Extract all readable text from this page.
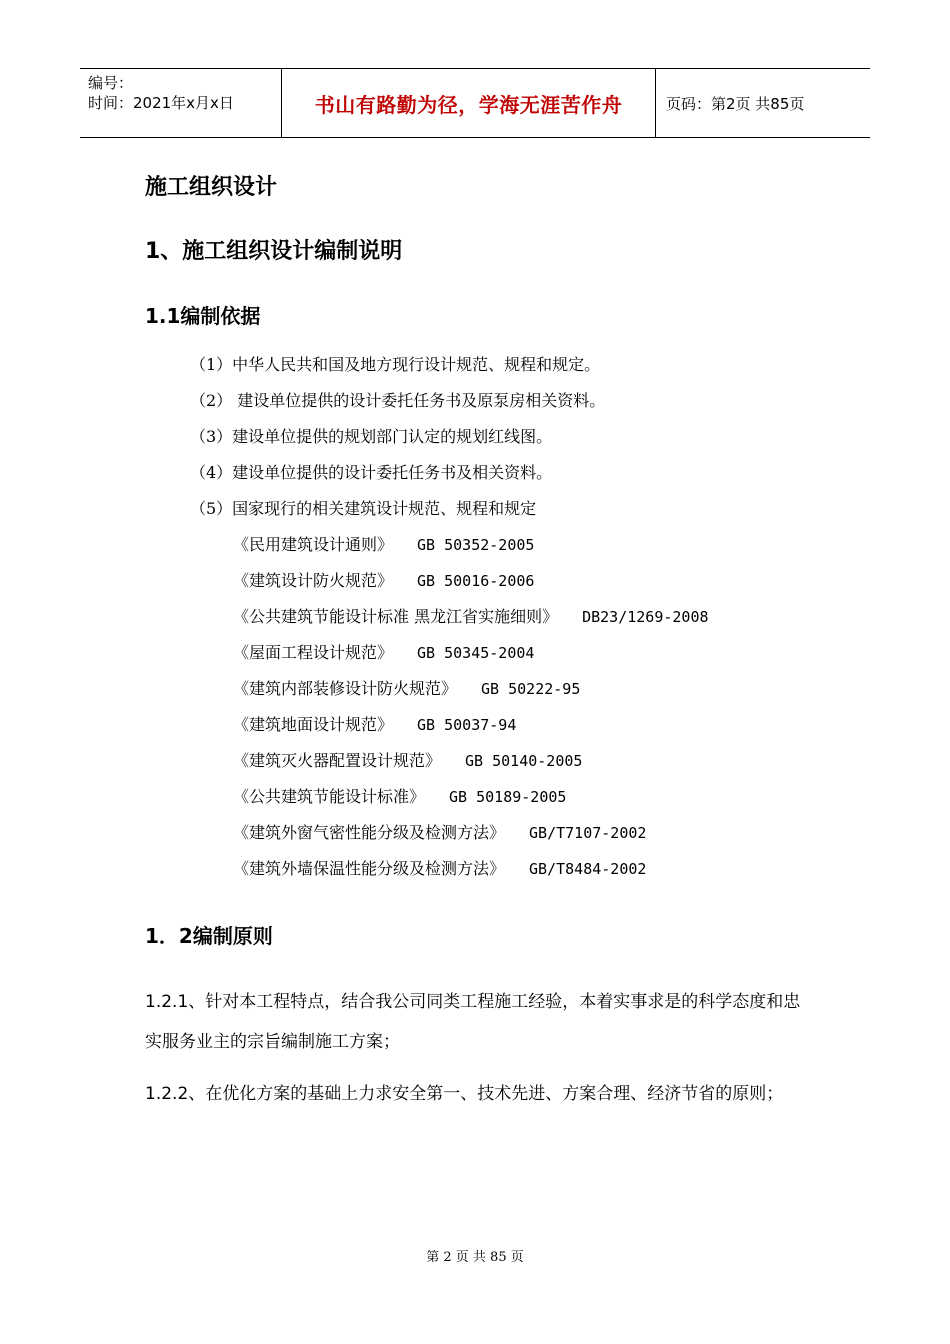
编号：
时间：2021年x月x日	书山有路勤为径，学海无涯苦作舟	页码：第2页 共85页
施工组织设计
1、施工组织设计编制说明
1.1编制依据
（1）中华人民共和国及地方现行设计规范、规程和规定。
（2） 建设单位提供的设计委托任务书及原泵房相关资料。
（3）建设单位提供的规划部门认定的规划红线图。
（4）建设单位提供的设计委托任务书及相关资料。
（5）国家现行的相关建筑设计规范、规程和规定
《民用建筑设计通则》 GB 50352-2005
《建筑设计防火规范》 GB 50016-2006
《公共建筑节能设计标准 黑龙江省实施细则》 DB23/1269-2008
《屋面工程设计规范》 GB 50345-2004
《建筑内部装修设计防火规范》 GB 50222-95
《建筑地面设计规范》 GB 50037-94
《建筑灭火器配置设计规范》 GB 50140-2005
《公共建筑节能设计标准》 GB 50189-2005
《建筑外窗气密性能分级及检测方法》 GB/T7107-2002
《建筑外墙保温性能分级及检测方法》 GB/T8484-2002
1．2编制原则
1.2.1、针对本工程特点，结合我公司同类工程施工经验，本着实事求是的科学态度和忠实服务业主的宗旨编制施工方案；
1.2.2、在优化方案的基础上力求安全第一、技术先进、方案合理、经济节省的原则；
第 2 页 共 85 页
